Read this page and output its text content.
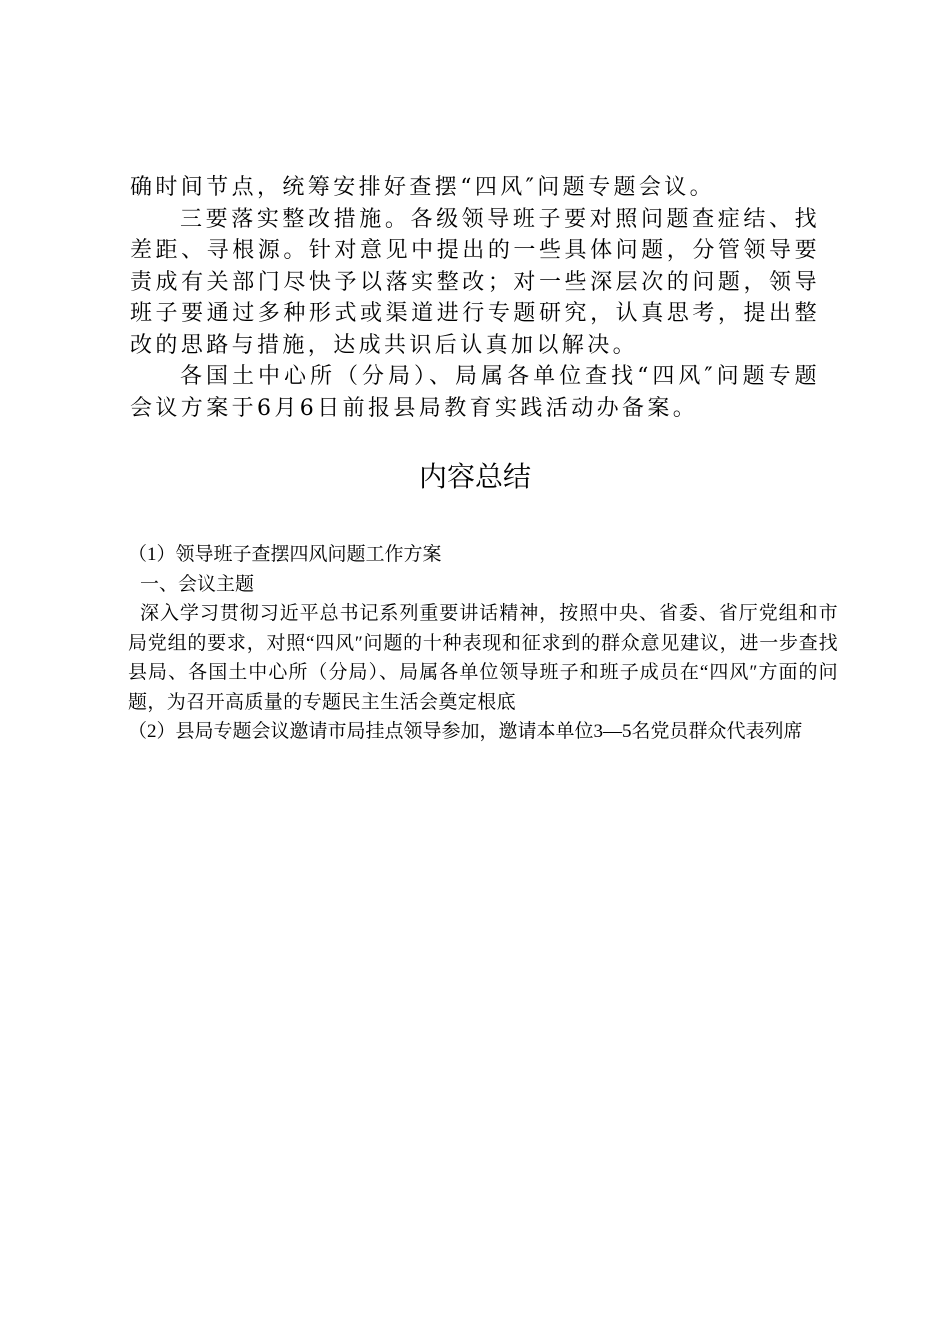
确时间节点，统筹安排好查摆“四风″问题专题会议。

三要落实整改措施。各级领导班子要对照问题查症结、找差距、寻根源。针对意见中提出的一些具体问题，分管领导要责成有关部门尽快予以落实整改；对一些深层次的问题，领导班子要通过多种形式或渠道进行专题研究，认真思考，提出整改的思路与措施，达成共识后认真加以解决。

各国土中心所（分局）、局属各单位查找“四风″问题专题会议方案于6月6日前报县局教育实践活动办备案。

内容总结

（1）领导班子查摆四风问题工作方案

一、会议主题

深入学习贯彻习近平总书记系列重要讲话精神，按照中央、省委、省厅党组和市局党组的要求，对照“四风″问题的十种表现和征求到的群众意见建议，进一步查找县局、各国土中心所（分局）、局属各单位领导班子和班子成员在“四风″方面的问题，为召开高质量的专题民主生活会奠定根底

（2）县局专题会议邀请市局挂点领导参加，邀请本单位3—5名党员群众代表列席
